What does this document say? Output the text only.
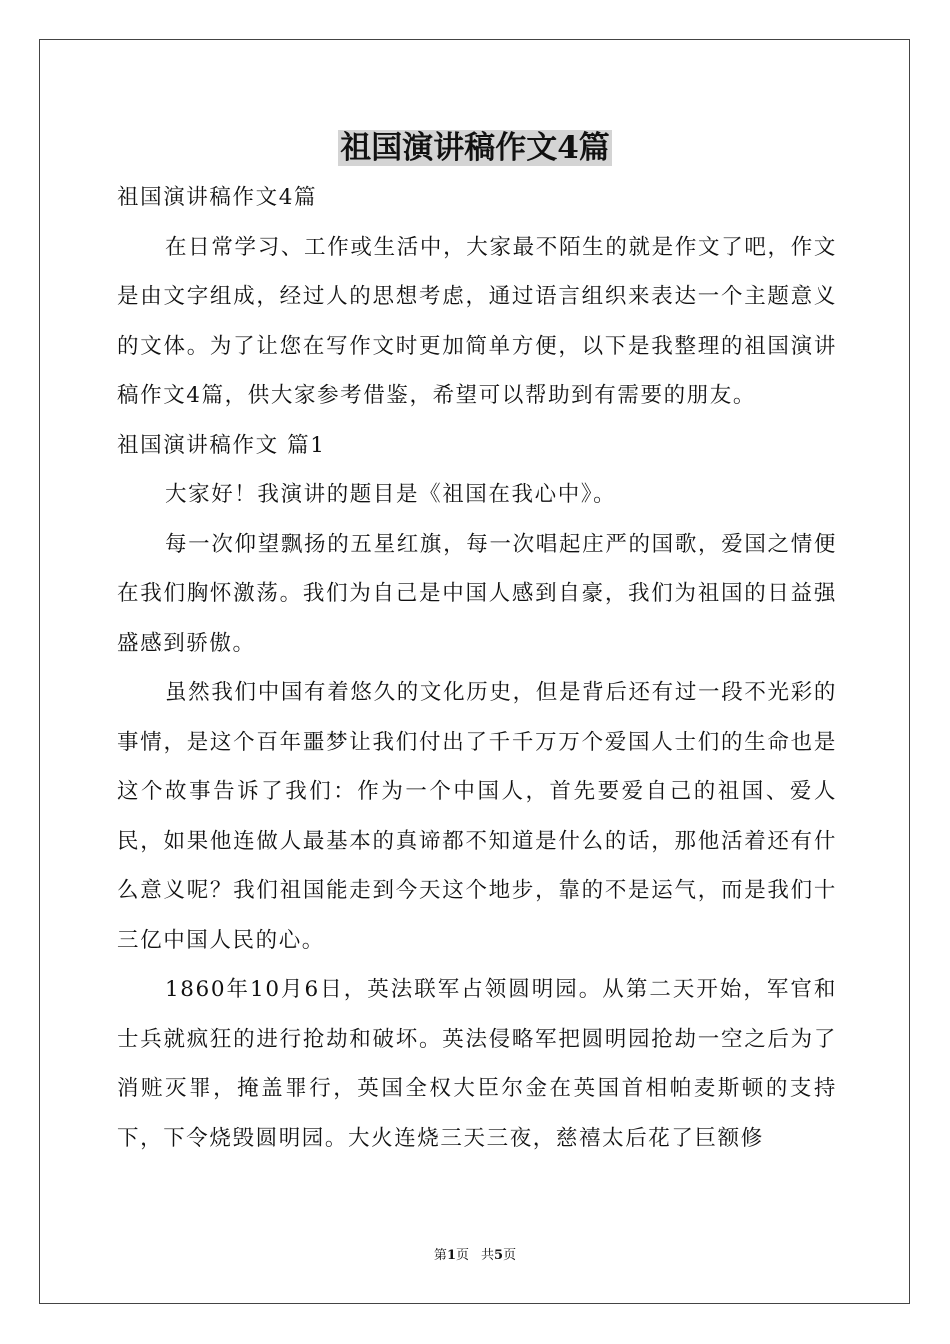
祖国演讲稿作文4篇

祖国演讲稿作文4篇

在日常学习、工作或生活中，大家最不陌生的就是作文了吧，作文是由文字组成，经过人的思想考虑，通过语言组织来表达一个主题意义的文体。为了让您在写作文时更加简单方便，以下是我整理的祖国演讲稿作文4篇，供大家参考借鉴，希望可以帮助到有需要的朋友。

祖国演讲稿作文 篇1

大家好！我演讲的题目是《祖国在我心中》。

每一次仰望飘扬的五星红旗，每一次唱起庄严的国歌，爱国之情便在我们胸怀激荡。我们为自己是中国人感到自豪，我们为祖国的日益强盛感到骄傲。

虽然我们中国有着悠久的文化历史，但是背后还有过一段不光彩的事情，是这个百年噩梦让我们付出了千千万万个爱国人士们的生命也是这个故事告诉了我们：作为一个中国人，首先要爱自己的祖国、爱人民，如果他连做人最基本的真谛都不知道是什么的话，那他活着还有什么意义呢？我们祖国能走到今天这个地步，靠的不是运气，而是我们十三亿中国人民的心。

1860年10月6日，英法联军占领圆明园。从第二天开始，军官和士兵就疯狂的进行抢劫和破坏。英法侵略军把圆明园抢劫一空之后为了消赃灭罪，掩盖罪行，英国全权大臣尔金在英国首相帕麦斯顿的支持下，下令烧毁圆明园。大火连烧三天三夜，慈禧太后花了巨额修

第1页 共5页
